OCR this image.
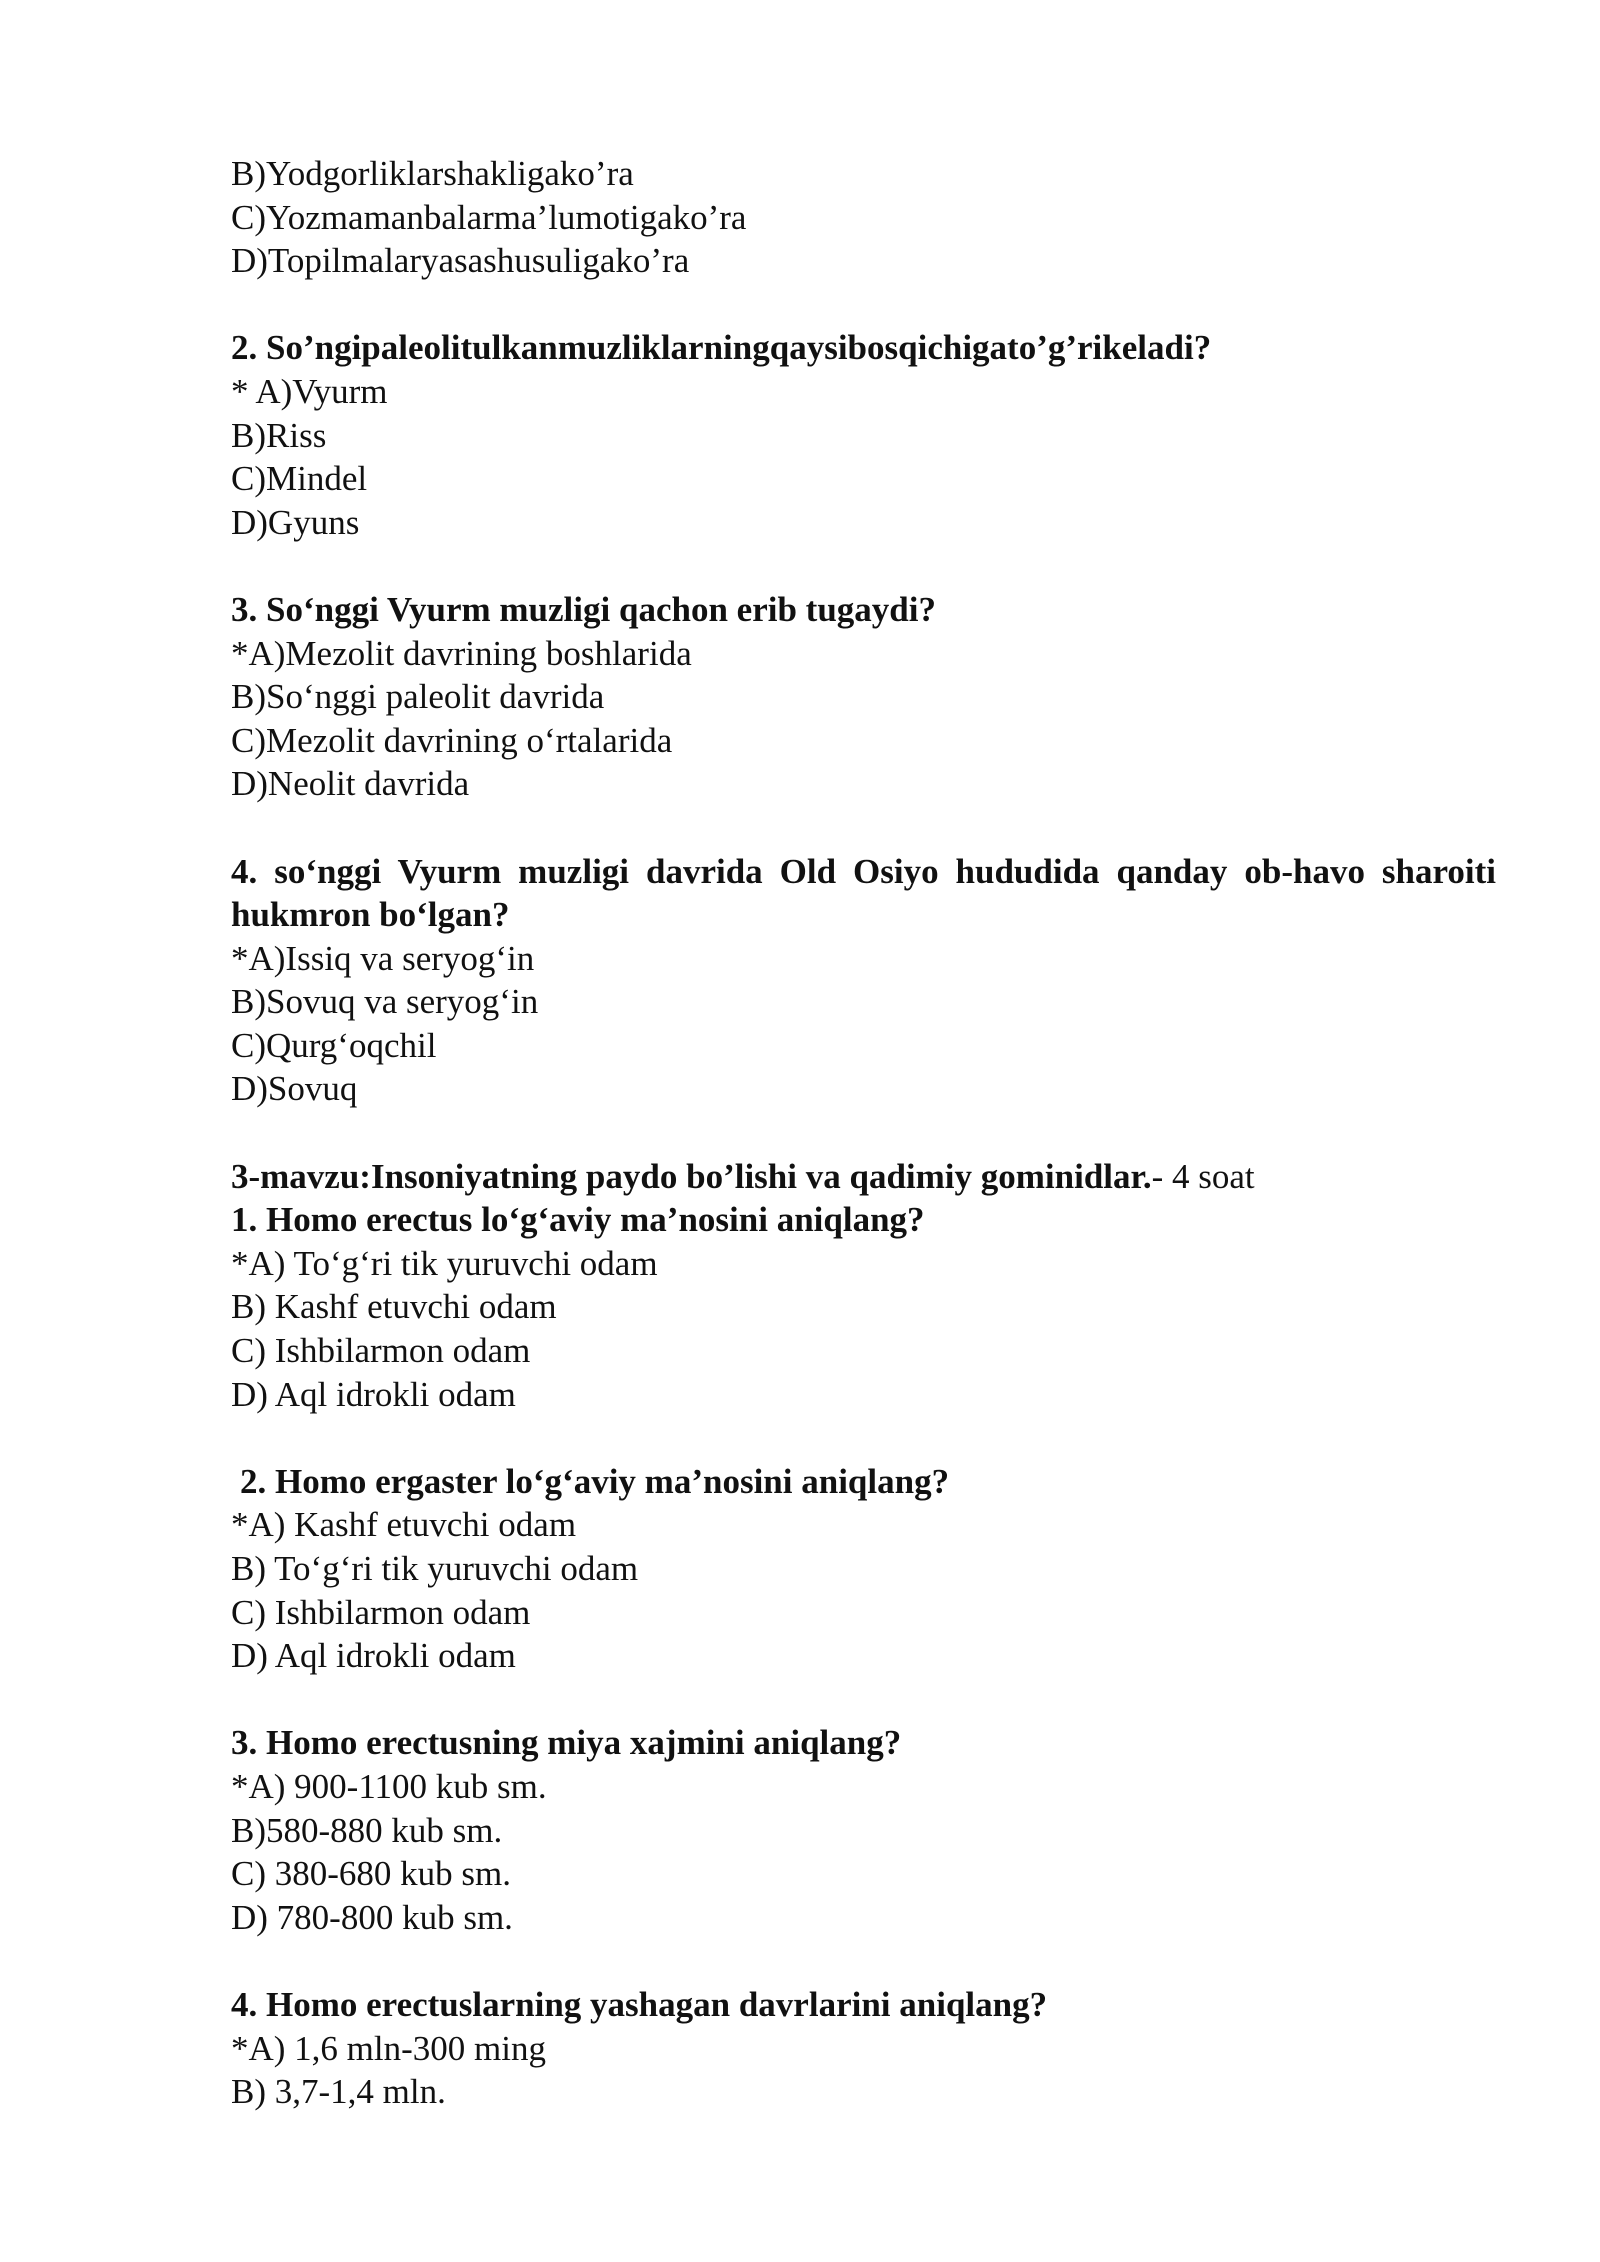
B)Yodgorliklarshakligako’ra

C)Yozmamanbalarma’lumotigako’ra

D)Topilmalaryasashusuligako’ra

2. So’ngipaleolitulkanmuzliklarningqaysibosqichigato’g’rikeladi?

* A)Vyurm

B)Riss

C)Mindel

D)Gyuns

3. So‘nggi Vyurm muzligi qachon erib tugaydi?

*A)Mezolit davrining boshlarida

B)So‘nggi paleolit davrida

C)Mezolit davrining o‘rtalarida

D)Neolit davrida

4. so‘nggi Vyurm muzligi davrida Old Osiyo hududida qanday ob-havo sharoiti hukmron bo‘lgan?

*A)Issiq va seryog‘in

B)Sovuq va seryog‘in

C)Qurg‘oqchil

D)Sovuq

3-mavzu:Insoniyatning paydo bo’lishi va qadimiy gominidlar.- 4 soat

1. Homo erectus lo‘g‘aviy ma’nosini aniqlang?

*A) To‘g‘ri tik yuruvchi odam

B) Kashf etuvchi odam

C) Ishbilarmon odam

D) Aql idrokli odam

2. Homo ergaster lo‘g‘aviy ma’nosini aniqlang?

*A) Kashf etuvchi odam

B) To‘g‘ri tik yuruvchi odam

C) Ishbilarmon odam

D) Aql idrokli odam

3. Homo erectusning miya xajmini aniqlang?

*A) 900-1100 kub sm.

B)580-880 kub sm.

C) 380-680 kub sm.

D) 780-800 kub sm.

4. Homo erectuslarning yashagan davrlarini aniqlang?

*A) 1,6 mln-300 ming

B) 3,7-1,4 mln.
